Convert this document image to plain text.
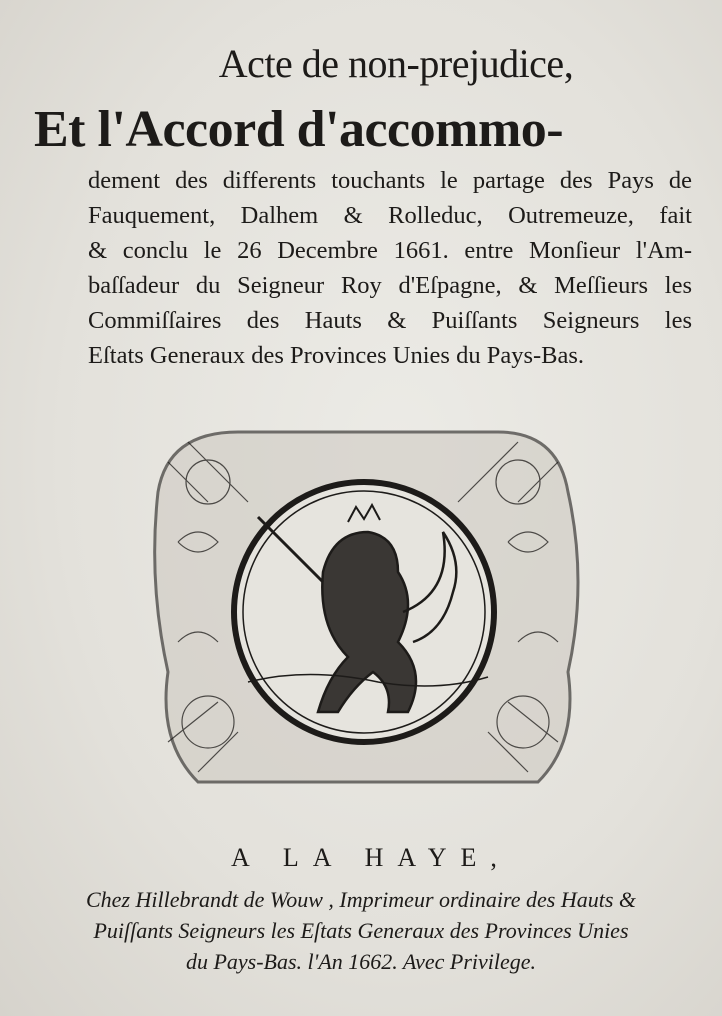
Acte de non-prejudice,
Et l'Accord d'accommo-
dement des differents touchants le partage des Pays de
Fauquement, Dalhem & Rolleduc, Outremeuze, fait
& conclu le 26 Decembre 1661. entre Monſieur l'Am-
baſſadeur du Seigneur Roy d'Eſpagne, & Meſſieurs les
Commiſſaires des Hauts & Puiſſants Seigneurs les
Eſtats Generaux des Provinces Unies du Pays-Bas.
A LA HAYE,
Chez Hillebrandt de Wouw , Imprimeur ordinaire des Hauts &
Puiſſants Seigneurs les Eſtats Generaux des Provinces Unies
du Pays-Bas. l'An 1662. Avec Privilege.
